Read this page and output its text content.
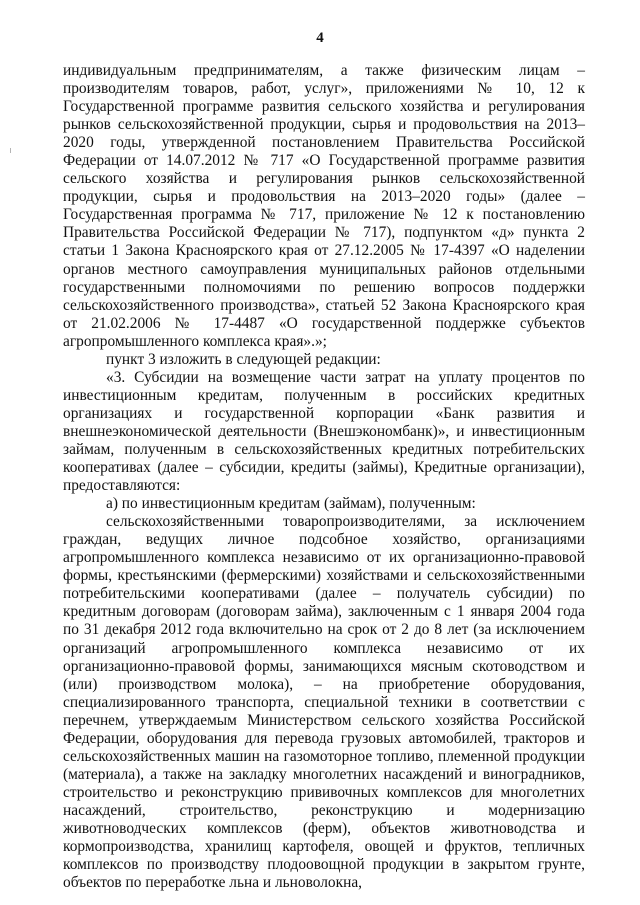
4

индивидуальным предпринимателям, а также физическим лицам – производителям товаров, работ, услуг», приложениями № 10, 12 к Государственной программе развития сельского хозяйства и регулирования рынков сельскохозяйственной продукции, сырья и продовольствия на 2013–2020 годы, утвержденной постановлением Правительства Российской Федерации от 14.07.2012 № 717 «О Государственной программе развития сельского хозяйства и регулирования рынков сельскохозяйственной продукции, сырья и продовольствия на 2013–2020 годы» (далее – Государственная программа № 717, приложение № 12 к постановлению Правительства Российской Федерации № 717), подпунктом «д» пункта 2 статьи 1 Закона Красноярского края от 27.12.2005 № 17-4397 «О наделении органов местного самоуправления муниципальных районов отдельными государственными полномочиями по решению вопросов поддержки сельскохозяйственного производства», статьей 52 Закона Красноярского края от 21.02.2006 № 17-4487 «О государственной поддержке субъектов агропромышленного комплекса края».»;

пункт 3 изложить в следующей редакции:

«3. Субсидии на возмещение части затрат на уплату процентов по инвестиционным кредитам, полученным в российских кредитных организациях и государственной корпорации «Банк развития и внешнеэкономической деятельности (Внешэкономбанк)», и инвестиционным займам, полученным в сельскохозяйственных кредитных потребительских кооперативах (далее – субсидии, кредиты (займы), Кредитные организации), предоставляются:

а) по инвестиционным кредитам (займам), полученным:

сельскохозяйственными товаропроизводителями, за исключением граждан, ведущих личное подсобное хозяйство, организациями агропромышленного комплекса независимо от их организационно-правовой формы, крестьянскими (фермерскими) хозяйствами и сельскохозяйственными потребительскими кооперативами (далее – получатель субсидии) по кредитным договорам (договорам займа), заключенным с 1 января 2004 года по 31 декабря 2012 года включительно на срок от 2 до 8 лет (за исключением организаций агропромышленного комплекса независимо от их организационно-правовой формы, занимающихся мясным скотоводством и (или) производством молока), – на приобретение оборудования, специализированного транспорта, специальной техники в соответствии с перечнем, утверждаемым Министерством сельского хозяйства Российской Федерации, оборудования для перевода грузовых автомобилей, тракторов и сельскохозяйственных машин на газомоторное топливо, племенной продукции (материала), а также на закладку многолетних насаждений и виноградников, строительство и реконструкцию прививочных комплексов для многолетних насаждений, строительство, реконструкцию и модернизацию животноводческих комплексов (ферм), объектов животноводства и кормопроизводства, хранилищ картофеля, овощей и фруктов, тепличных комплексов по производству плодоовощной продукции в закрытом грунте, объектов по переработке льна и льноволокна,
